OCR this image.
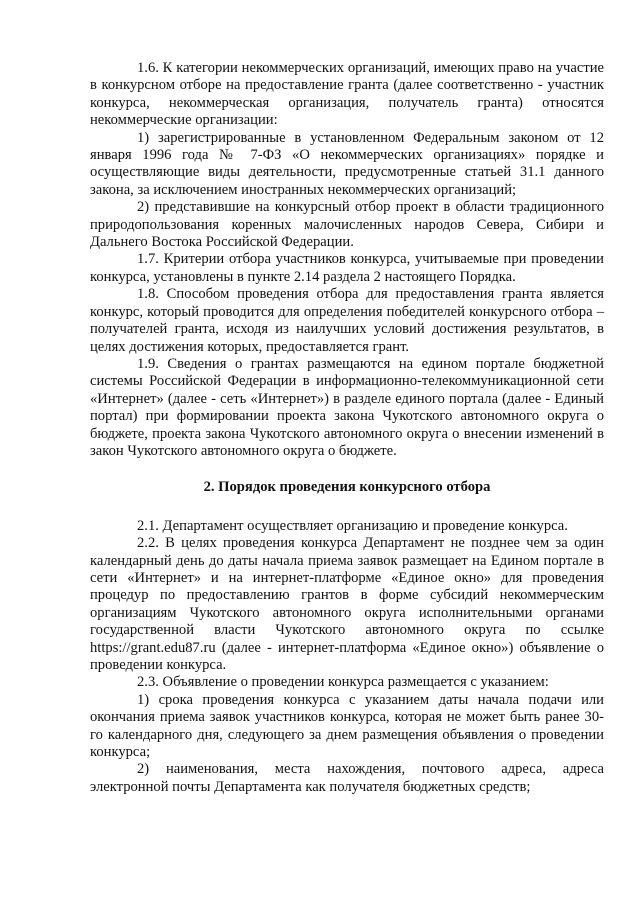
1.6. К категории некоммерческих организаций, имеющих право на участие в конкурсном отборе на предоставление гранта (далее соответственно - участник конкурса, некоммерческая организация, получатель гранта) относятся некоммерческие организации:

1) зарегистрированные в установленном Федеральным законом от 12 января 1996 года № 7-ФЗ «О некоммерческих организациях» порядке и осуществляющие виды деятельности, предусмотренные статьей 31.1 данного закона, за исключением иностранных некоммерческих организаций;

2) представившие на конкурсный отбор проект в области традиционного природопользования коренных малочисленных народов Севера, Сибири и Дальнего Востока Российской Федерации.

1.7. Критерии отбора участников конкурса, учитываемые при проведении конкурса, установлены в пункте 2.14 раздела 2 настоящего Порядка.

1.8. Способом проведения отбора для предоставления гранта является конкурс, который проводится для определения победителей конкурсного отбора – получателей гранта, исходя из наилучших условий достижения результатов, в целях достижения которых, предоставляется грант.

1.9. Сведения о грантах размещаются на едином портале бюджетной системы Российской Федерации в информационно-телекоммуникационной сети «Интернет» (далее - сеть «Интернет») в разделе единого портала (далее - Единый портал) при формировании проекта закона Чукотского автономного округа о бюджете, проекта закона Чукотского автономного округа о внесении изменений в закон Чукотского автономного округа о бюджете.

2. Порядок проведения конкурсного отбора

2.1. Департамент осуществляет организацию и проведение конкурса.

2.2. В целях проведения конкурса Департамент не позднее чем за один календарный день до даты начала приема заявок размещает на Едином портале в сети «Интернет» и на интернет-платформе «Единое окно» для проведения процедур по предоставлению грантов в форме субсидий некоммерческим организациям Чукотского автономного округа исполнительными органами государственной власти Чукотского автономного округа по ссылке https://grant.edu87.ru (далее - интернет-платформа «Единое окно») объявление о проведении конкурса.

2.3. Объявление о проведении конкурса размещается с указанием:

1) срока проведения конкурса с указанием даты начала подачи или окончания приема заявок участников конкурса, которая не может быть ранее 30-го календарного дня, следующего за днем размещения объявления о проведении конкурса;

2) наименования, места нахождения, почтового адреса, адреса электронной почты Департамента как получателя бюджетных средств;
